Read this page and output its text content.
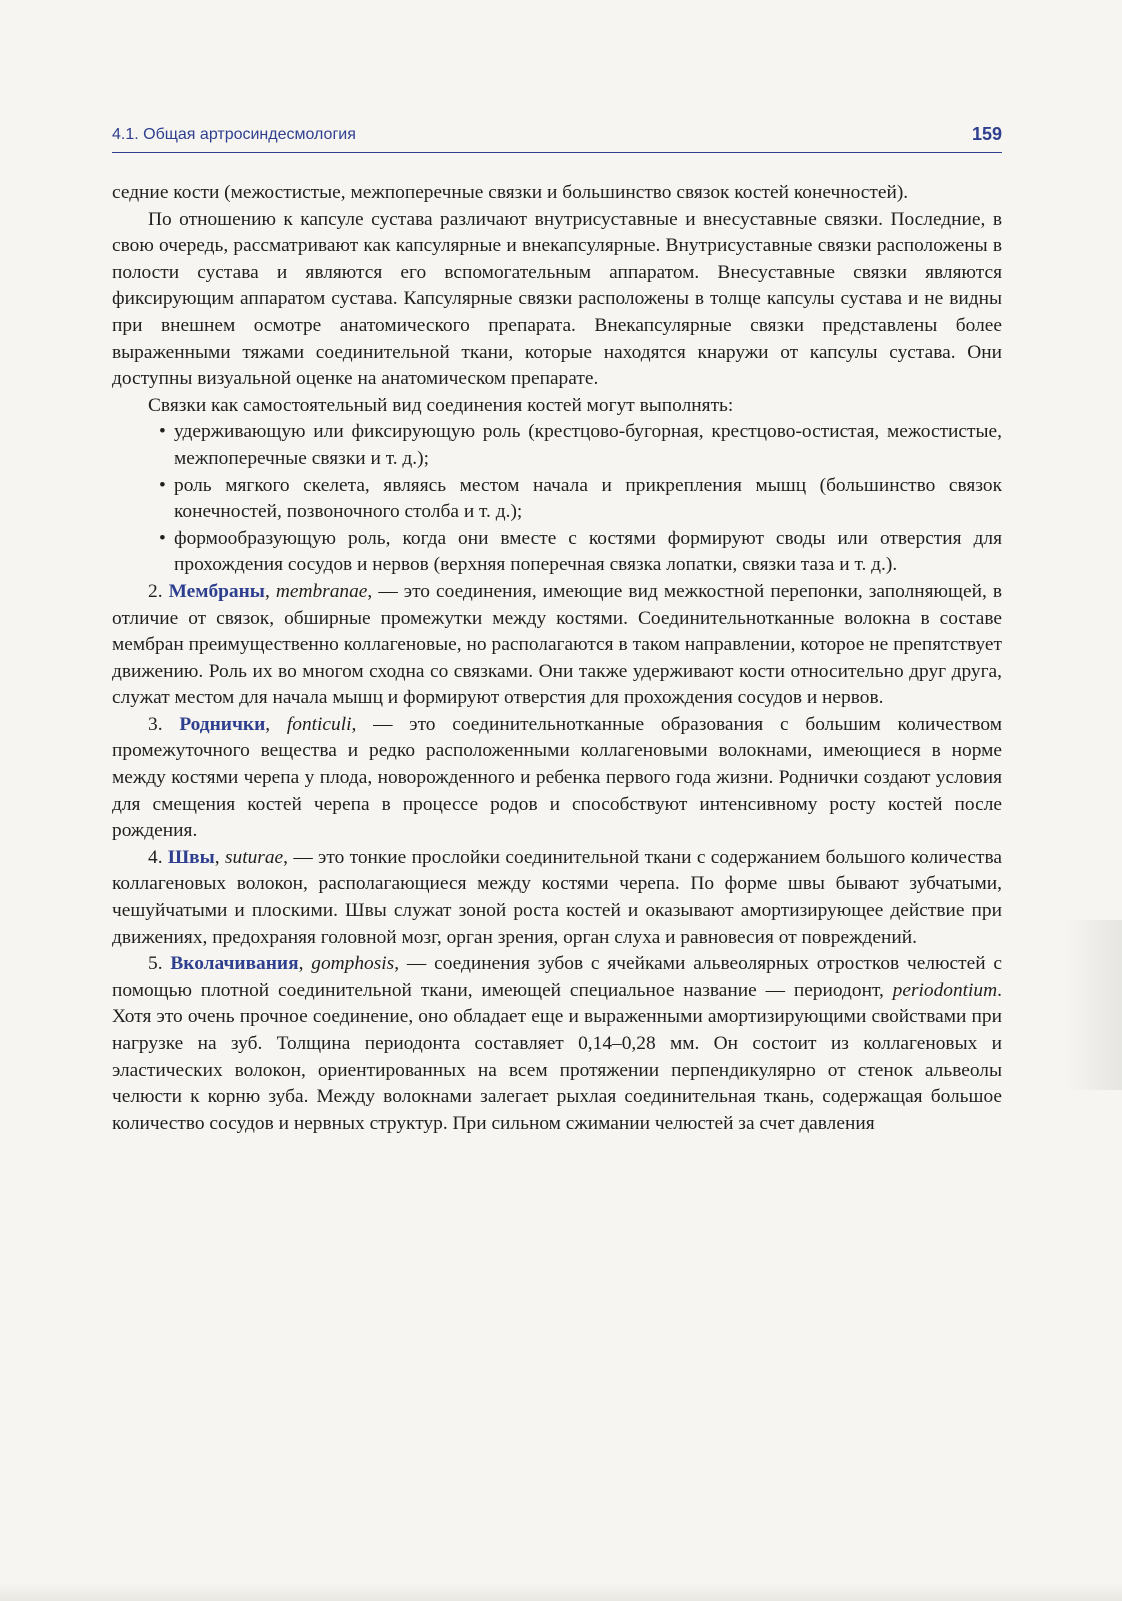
4.1. Общая артросиндесмология	159

седние кости (межостистые, межпоперечные связки и большинство связок костей конечностей).

По отношению к капсуле сустава различают внутрисуставные и внесуставные связки. Последние, в свою очередь, рассматривают как капсулярные и внекапсулярные. Внутрисуставные связки расположены в полости сустава и являются его вспомогательным аппаратом. Внесуставные связки являются фиксирующим аппаратом сустава. Капсулярные связки расположены в толще капсулы сустава и не видны при внешнем осмотре анатомического препарата. Внекапсулярные связки представлены более выраженными тяжами соединительной ткани, которые находятся кнаружи от капсулы сустава. Они доступны визуальной оценке на анатомическом препарате.

Связки как самостоятельный вид соединения костей могут выполнять:

• удерживающую или фиксирующую роль (крестцово-бугорная, крестцово-остистая, межостистые, межпоперечные связки и т. д.);
• роль мягкого скелета, являясь местом начала и прикрепления мышц (большинство связок конечностей, позвоночного столба и т. д.);
• формообразующую роль, когда они вместе с костями формируют своды или отверстия для прохождения сосудов и нервов (верхняя поперечная связка лопатки, связки таза и т. д.).

2. Мембраны, membranae, — это соединения, имеющие вид межкостной перепонки, заполняющей, в отличие от связок, обширные промежутки между костями. Соединительнотканные волокна в составе мембран преимущественно коллагеновые, но располагаются в таком направлении, которое не препятствует движению. Роль их во многом сходна со связками. Они также удерживают кости относительно друг друга, служат местом для начала мышц и формируют отверстия для прохождения сосудов и нервов.

3. Роднички, fonticuli, — это соединительнотканные образования с большим количеством промежуточного вещества и редко расположенными коллагеновыми волокнами, имеющиеся в норме между костями черепа у плода, новорожденного и ребенка первого года жизни. Роднички создают условия для смещения костей черепа в процессе родов и способствуют интенсивному росту костей после рождения.

4. Швы, suturae, — это тонкие прослойки соединительной ткани с содержанием большого количества коллагеновых волокон, располагающиеся между костями черепа. По форме швы бывают зубчатыми, чешуйчатыми и плоскими. Швы служат зоной роста костей и оказывают амортизирующее действие при движениях, предохраняя головной мозг, орган зрения, орган слуха и равновесия от повреждений.

5. Вколачивания, gomphosis, — соединения зубов с ячейками альвеолярных отростков челюстей с помощью плотной соединительной ткани, имеющей специальное название — периодонт, periodontium. Хотя это очень прочное соединение, оно обладает еще и выраженными амортизирующими свойствами при нагрузке на зуб. Толщина периодонта составляет 0,14–0,28 мм. Он состоит из коллагеновых и эластических волокон, ориентированных на всем протяжении перпендикулярно от стенок альвеолы челюсти к корню зуба. Между волокнами залегает рыхлая соединительная ткань, содержащая большое количество сосудов и нервных структур. При сильном сжимании челюстей за счет давления
